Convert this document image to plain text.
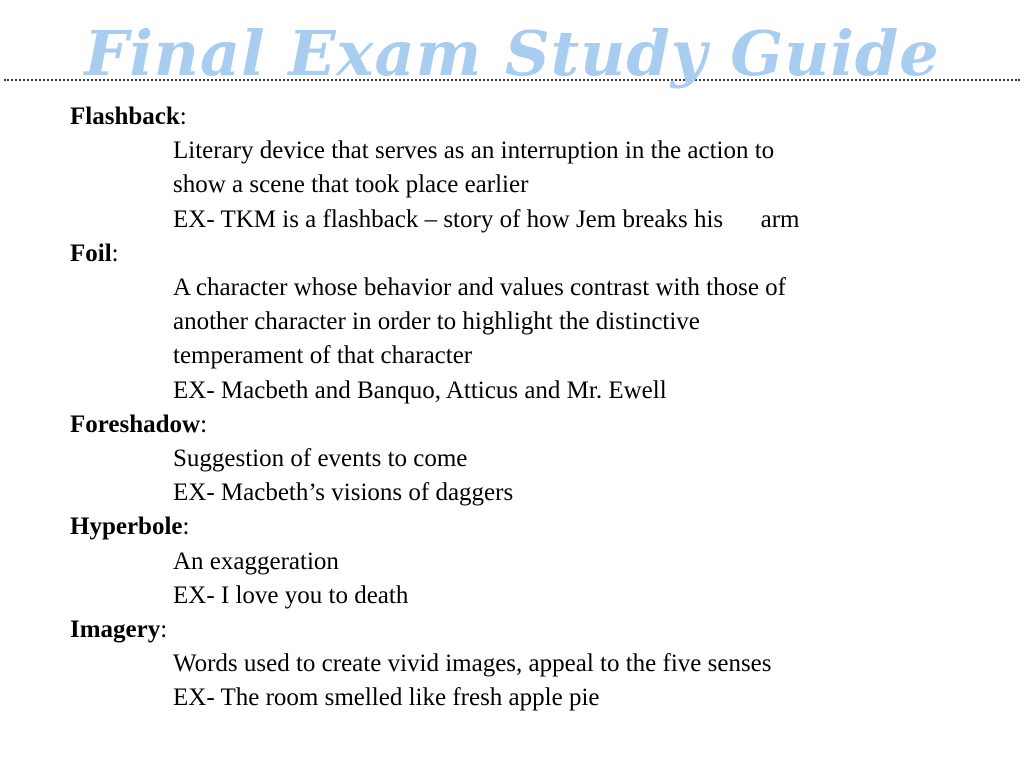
Final Exam Study Guide

Flashback:

Literary device that serves as an interruption in the action to

show a scene that took place earlier

EX- TKM is a flashback – story of how Jem breaks his      arm

Foil:

A character whose behavior and values contrast with those of

another character in order to highlight the distinctive

temperament of that character

EX- Macbeth and Banquo, Atticus and Mr. Ewell

Foreshadow:

Suggestion of events to come

EX- Macbeth’s visions of daggers

Hyperbole:

An exaggeration

EX- I love you to death

Imagery:

Words used to create vivid images, appeal to the five senses

EX- The room smelled like fresh apple pie
